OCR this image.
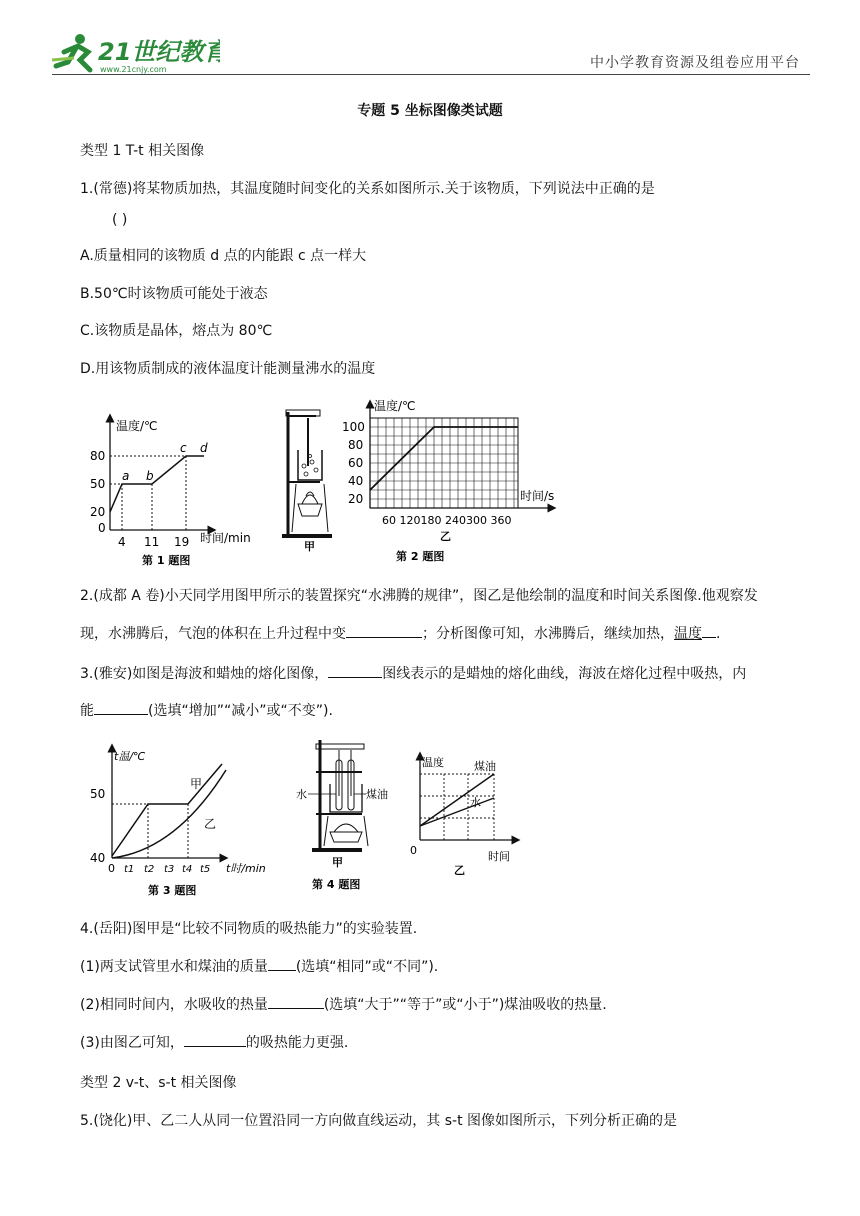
21世纪教育
www.21cnjy.com	中小学教育资源及组卷应用平台
专题 5 坐标图像类试题
类型 1 T-t 相关图像
1.(常德)将某物质加热，其温度随时间变化的关系如图所示.关于该物质，下列说法中正确的是
( )
A.质量相同的该物质 d 点的内能跟 c 点一样大
B.50℃时该物质可能处于液态
C.该物质是晶体，熔点为 80℃
D.用该物质制成的液体温度计能测量沸水的温度
温度/℃
时间/min
80
50
20
0
4 11 19
a b
c d
第 1 题图
甲
温度/℃
时间/s
100
80
60
40
20
60 120180 240300 360
乙
第 2 题图
2.(成都 A 卷)小天同学用图甲所示的装置探究“水沸腾的规律”，图乙是他绘制的温度和时间关系图像.他观察发
现，水沸腾后，气泡的体积在上升过程中变	；分析图像可知，水沸腾后，继续加热，温度 .
3.(雅安)如图是海波和蜡烛的熔化图像，	图线表示的是蜡烛的熔化曲线，海波在熔化过程中吸热，内
能	(选填“增加”“减小”或“不变”).
t温/℃
t时/min
50
40
0 t1 t2 t3 t4 t5
甲
乙
第 3 题图
水	煤油
甲
第 4 题图
温度	煤油
水
0	时间
乙
4.(岳阳)图甲是“比较不同物质的吸热能力”的实验装置.
(1)两支试管里水和煤油的质量 (选填“相同”或“不同”).
(2)相同时间内，水吸收的热量	(选填“大于”“等于”或“小于”)煤油吸收的热量.
(3)由图乙可知，	的吸热能力更强.
类型 2 v-t、s-t 相关图像
5.(饶化)甲、乙二人从同一位置沿同一方向做直线运动，其 s-t 图像如图所示，下列分析正确的是
